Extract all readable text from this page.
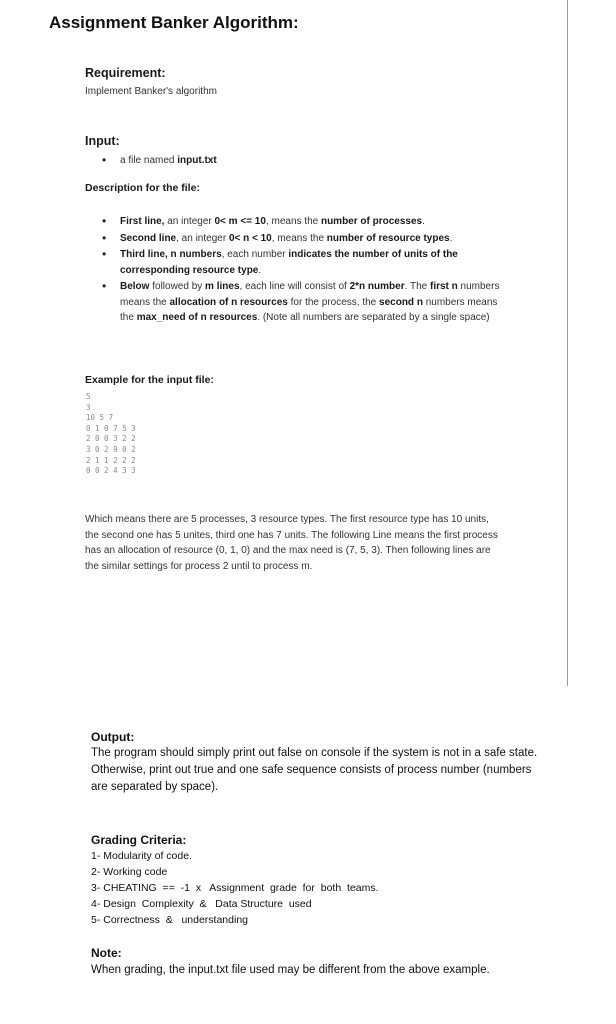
Assignment Banker Algorithm:
Requirement:
Implement Banker's algorithm
Input:
• a file named input.txt
Description for the file:
• First line, an integer 0< m <= 10, means the number of processes.
• Second line, an integer 0< n < 10, means the number of resource types.
• Third line, n numbers, each number indicates the number of units of the corresponding resource type.
• Below followed by m lines, each line will consist of 2*n number. The first n numbers means the allocation of n resources for the process, the second n numbers means the max_need of n resources. (Note all numbers are separated by a single space)
Example for the input file:
5
3
10 5 7
0 1 0 7 5 3
2 0 0 3 2 2
3 0 2 9 0 2
2 1 1 2 2 2
0 0 2 4 3 3
Which means there are 5 processes, 3 resource types. The first resource type has 10 units, the second one has 5 unites, third one has 7 units. The following Line means the first process has an allocation of resource (0, 1, 0) and the max need is (7, 5, 3). Then following lines are the similar settings for process 2 until to process m.
Output:
The program should simply print out false on console if the system is not in a safe state. Otherwise, print out true and one safe sequence consists of process number (numbers are separated by space).
Grading Criteria:
1- Modularity of code.
2- Working code
3- CHEATING  ==  -1  x   Assignment  grade  for  both  teams.
4- Design  Complexity  &   Data Structure  used
5- Correctness  &   understanding
Note:
When grading, the input.txt file used may be different from the above example.
